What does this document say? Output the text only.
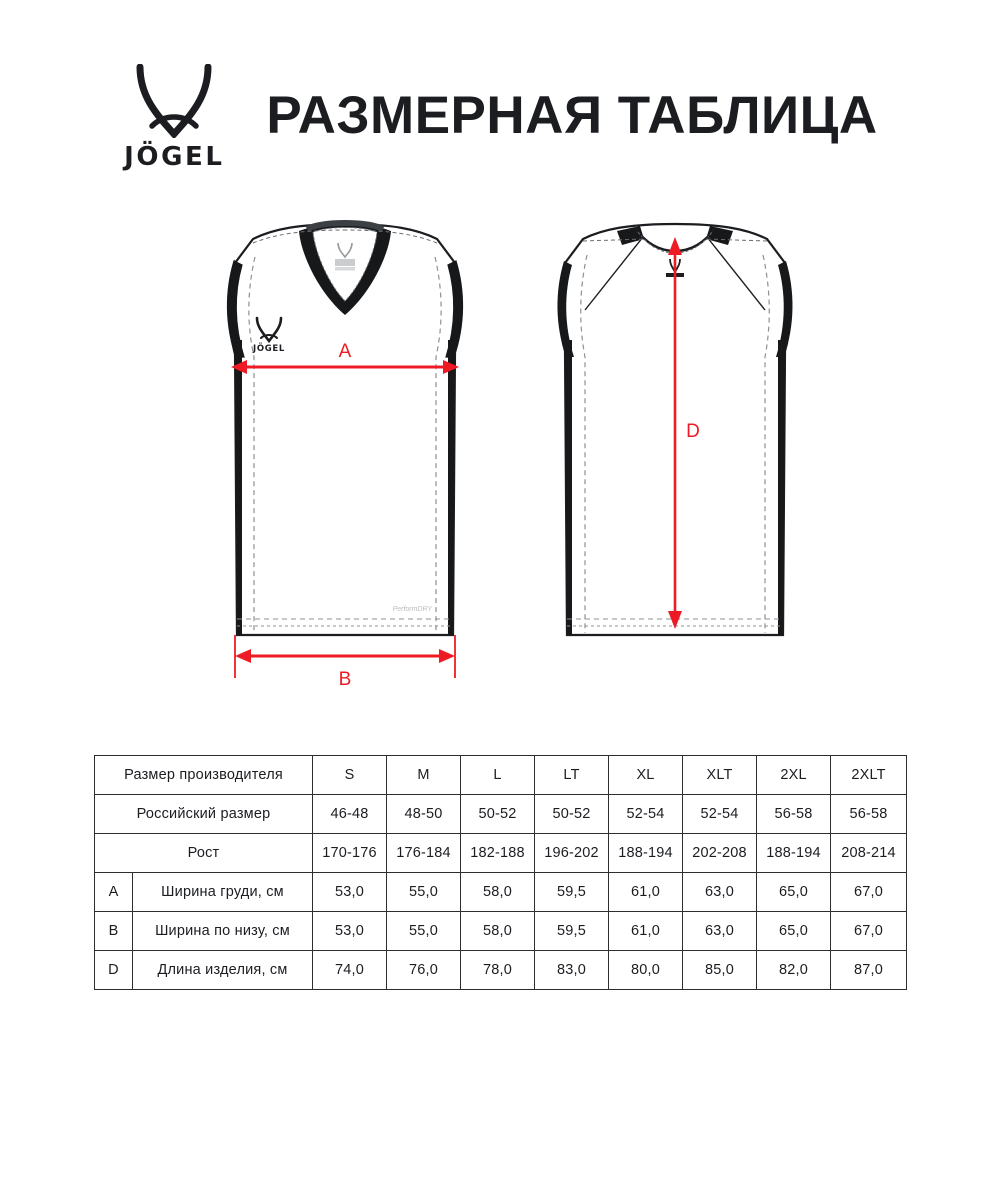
JÖGEL
РАЗМЕРНАЯ ТАБЛИЦА
JÖGEL
PerformDRY
A
B
D
Размер производителя		S	M	L	LT	XL	XLT	2XL	2XLT
Российский размер		46-48	48-50	50-52	50-52	52-54	52-54	56-58	56-58
Рост		170-176	176-184	182-188	196-202	188-194	202-208	188-194	208-214
A	Ширина груди, см	53,0	55,0	58,0	59,5	61,0	63,0	65,0	67,0
B	Ширина по низу, см	53,0	55,0	58,0	59,5	61,0	63,0	65,0	67,0
D	Длина изделия, см	74,0	76,0	78,0	83,0	80,0	85,0	82,0	87,0
